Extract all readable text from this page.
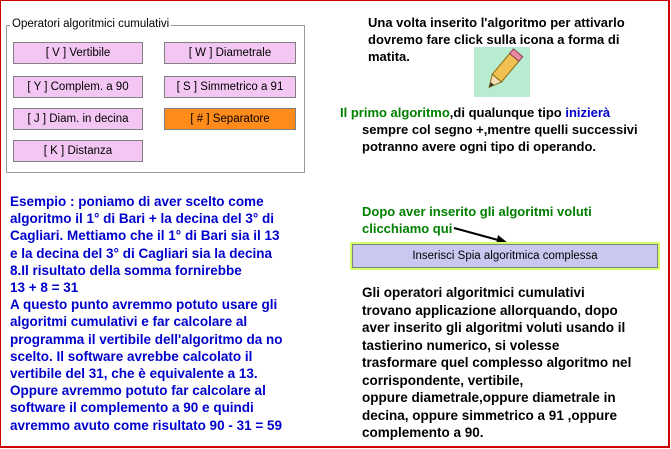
Operatori algoritmici cumulativi
[ V ] Vertibile	[ W ] Diametrale
[ Y ] Complem. a 90	[ S ] Simmetrico a 91
[ J ] Diam. in decina	[ # ] Separatore
[ K ] Distanza
Una volta inserito l'algoritmo per attivarlo
dovremo fare click sulla icona a forma di
matita.
Il primo algoritmo,di qualunque tipo inizierà
sempre col segno +,mentre quelli successivi
potranno avere ogni tipo di operando.
Dopo aver inserito gli algoritmi voluti
clicchiamo qui
Inserisci Spia algoritmica complessa
Esempio : poniamo di aver scelto come
algoritmo il 1° di Bari + la decina del 3° di
Cagliari. Mettiamo che il 1° di Bari sia il 13
e la decina del 3° di Cagliari sia la decina
8.Il risultato della somma fornirebbe
13 + 8 = 31
A questo punto avremmo potuto usare gli
algoritmi cumulativi e far calcolare al
programma il vertibile dell'algoritmo da no
scelto. Il software avrebbe calcolato il
vertibile del 31, che è equivalente a 13.
Oppure avremmo potuto far calcolare al
software il complemento a 90 e quindi
avremmo avuto come risultato 90 - 31 = 59
Gli operatori algoritmici cumulativi
trovano applicazione allorquando, dopo
aver inserito gli algoritmi voluti usando il
tastierino numerico, si volesse
trasformare quel complesso algoritmo nel
corrispondente, vertibile,
oppure diametrale,oppure diametrale in
decina, oppure simmetrico a 91 ,oppure
complemento a 90.
